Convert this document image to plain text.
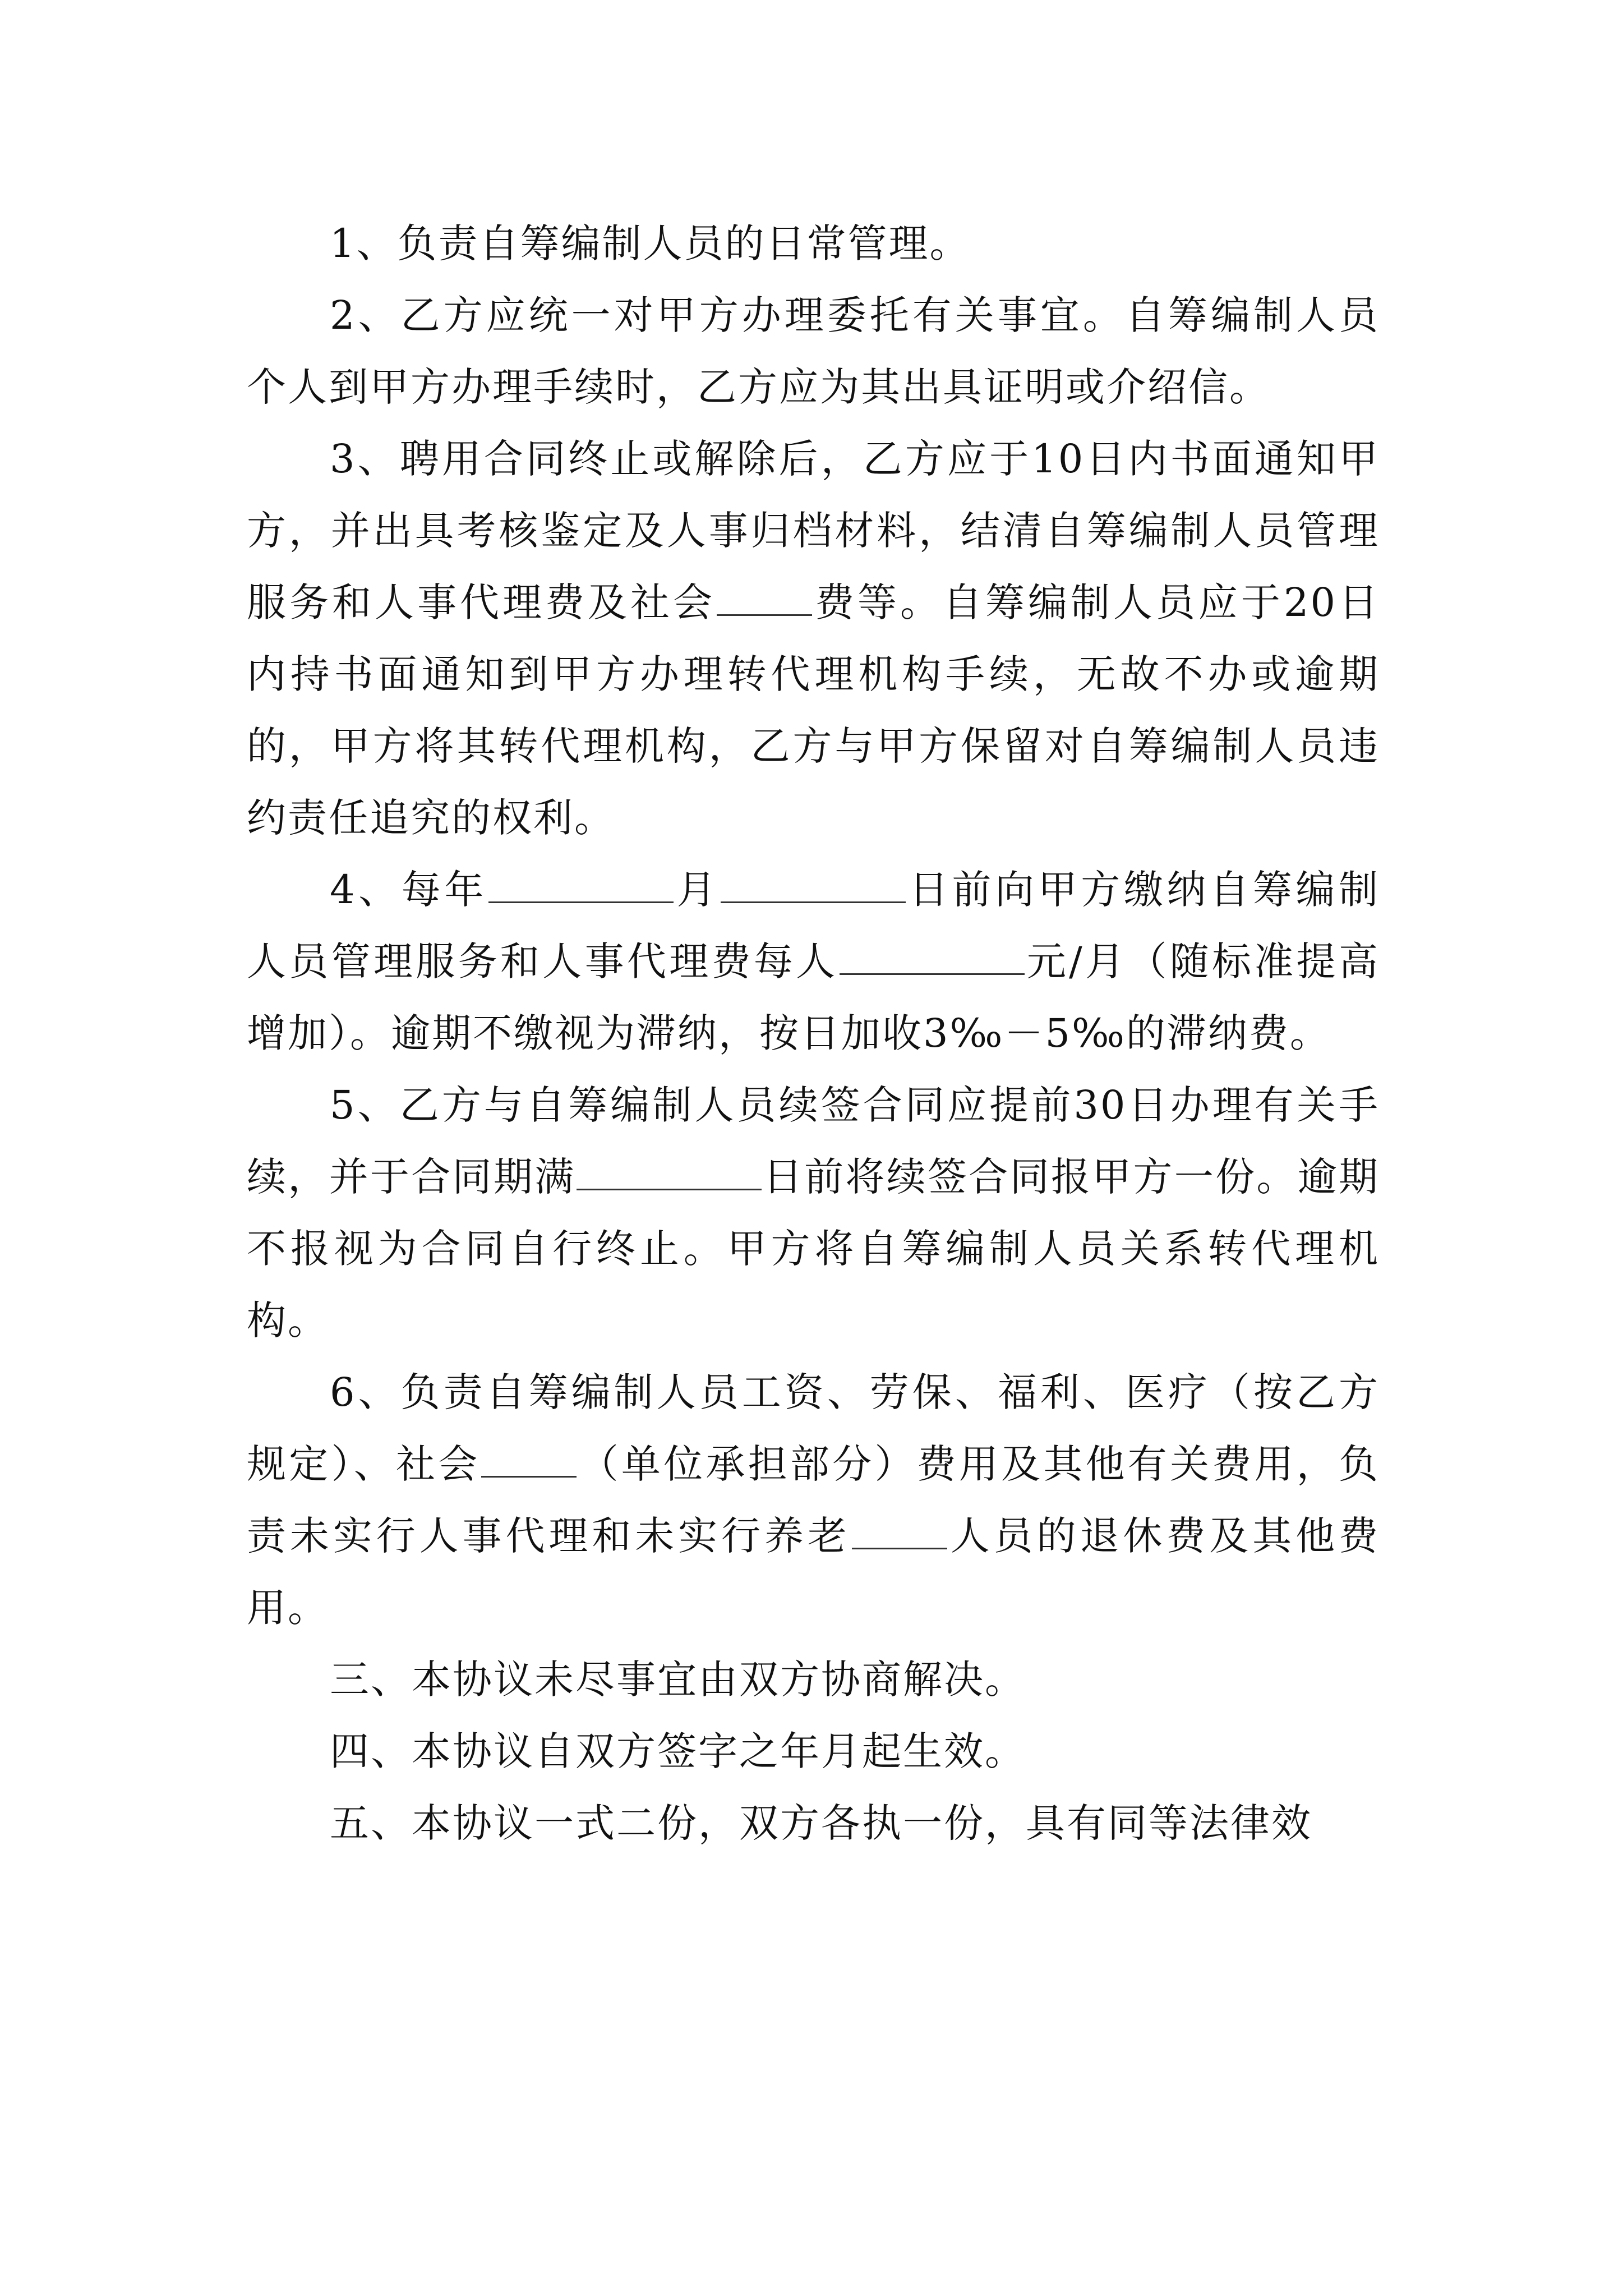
1、负责自筹编制人员的日常管理。

2、乙方应统一对甲方办理委托有关事宜。自筹编制人员个人到甲方办理手续时，乙方应为其出具证明或介绍信。

3、聘用合同终止或解除后，乙方应于10日内书面通知甲方，并出具考核鉴定及人事归档材料，结清自筹编制人员管理服务和人事代理费及社会 费等。自筹编制人员应于20日内持书面通知到甲方办理转代理机构手续，无故不办或逾期的，甲方将其转代理机构，乙方与甲方保留对自筹编制人员违约责任追究的权利。

4、每年	月	日前向甲方缴纳自筹编制人员管理服务和人事代理费每人	元/月（随标准提高增加）。逾期不缴视为滞纳，按日加收3‰－5‰的滞纳费。

5、乙方与自筹编制人员续签合同应提前30日办理有关手续，并于合同期满	日前将续签合同报甲方一份。逾期不报视为合同自行终止。甲方将自筹编制人员关系转代理机构。

6、负责自筹编制人员工资、劳保、福利、医疗（按乙方规定）、社会 （单位承担部分）费用及其他有关费用，负责未实行人事代理和未实行养老 人员的退休费及其他费用。

三、本协议未尽事宜由双方协商解决。

四、本协议自双方签字之年月起生效。

五、本协议一式二份，双方各执一份，具有同等法律效
